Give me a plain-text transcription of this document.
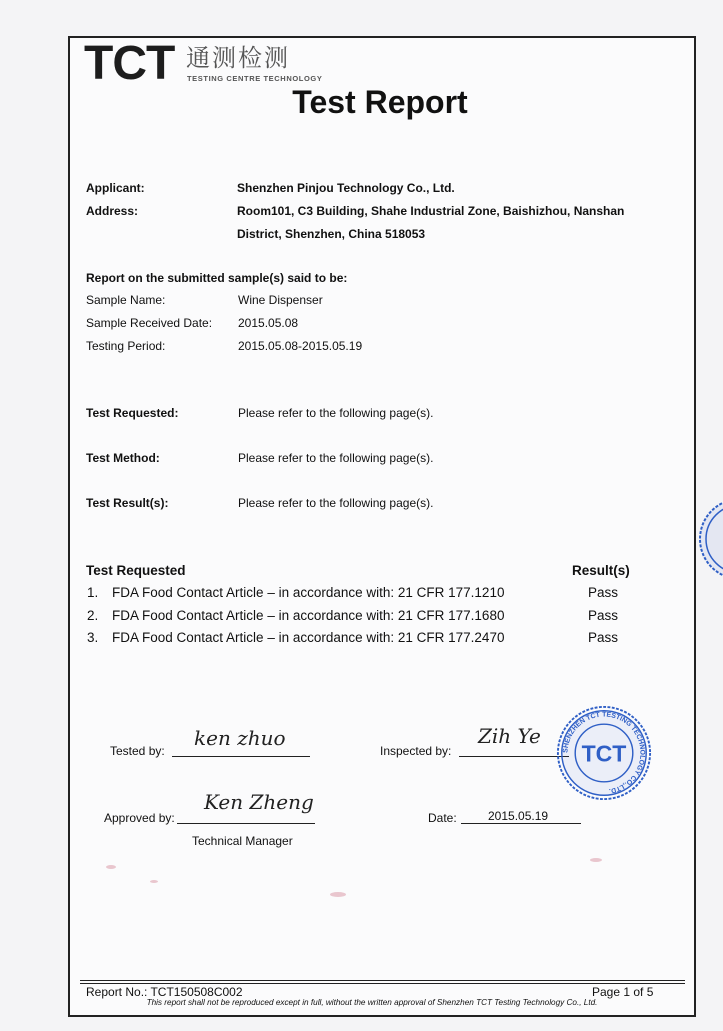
TCT 通测检测
TESTING CENTRE TECHNOLOGY
Test Report
Applicant:	Shenzhen Pinjou Technology Co., Ltd.
Address:	Room101, C3 Building, Shahe Industrial Zone, Baishizhou, Nanshan
District, Shenzhen, China 518053
Report on the submitted sample(s) said to be:
Sample Name:	Wine Dispenser
Sample Received Date: 2015.05.08
Testing Period:	2015.05.08-2015.05.19
Test Requested:	Please refer to the following page(s).
Test Method:	Please refer to the following page(s).
Test Result(s):	Please refer to the following page(s).
Test Requested	Result(s)
1. FDA Food Contact Article – in accordance with: 21 CFR 177.1210	Pass
2. FDA Food Contact Article – in accordance with: 21 CFR 177.1680	Pass
3. FDA Food Contact Article – in accordance with: 21 CFR 177.2470	Pass
Tested by:
ken zhuo
Inspected by:
Zih Ye
Approved by:
Ken Zheng
Technical Manager
Date:	2015.05.19
SHENZHEN TCT TESTING TECHNOLOGY CO.,LTD.
TCT
Report No.: TCT150508C002	Page 1 of 5
This report shall not be reproduced except in full, without the written approval of Shenzhen TCT Testing Technology Co., Ltd.
